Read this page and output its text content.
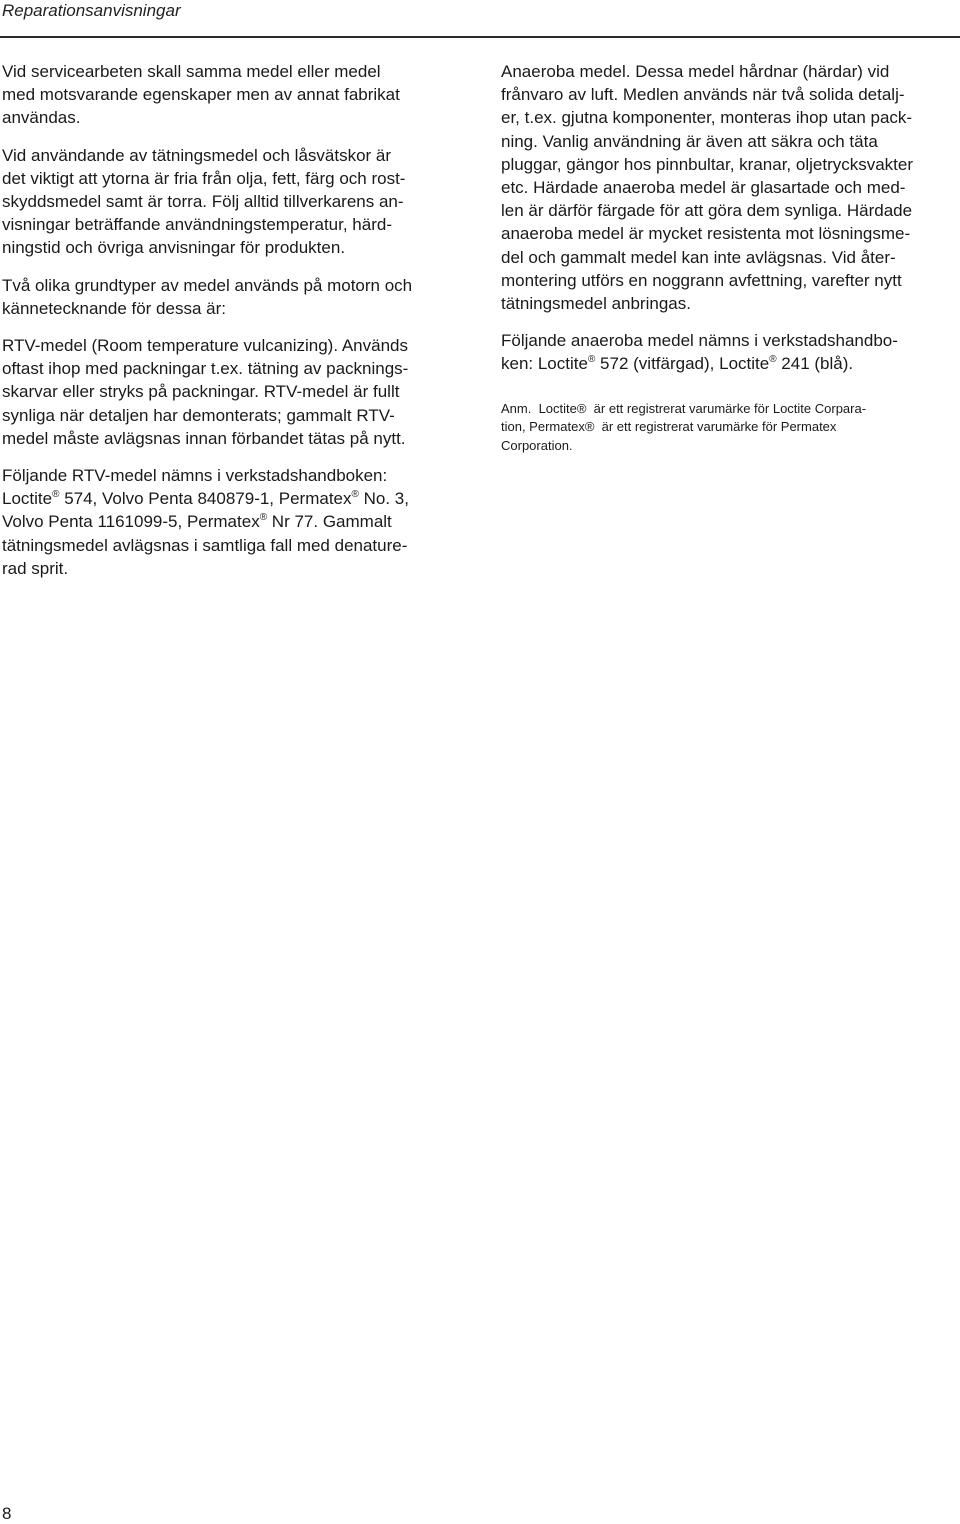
Reparationsanvisningar

Vid servicearbeten skall samma medel eller medel
med motsvarande egenskaper men av annat fabrikat
användas.

Vid användande av tätningsmedel och låsvätskor är
det viktigt att ytorna är fria från olja, fett, färg och rost-
skyddsmedel samt är torra. Följ alltid tillverkarens an-
visningar beträffande användningstemperatur, härd-
ningstid och övriga anvisningar för produkten.

Två olika grundtyper av medel används på motorn och
kännetecknande för dessa är:

RTV-medel (Room temperature vulcanizing). Används
oftast ihop med packningar t.ex. tätning av packnings-
skarvar eller stryks på packningar. RTV-medel är fullt
synliga när detaljen har demonterats; gammalt RTV-
medel måste avlägsnas innan förbandet tätas på nytt.

Följande RTV-medel nämns i verkstadshandboken:
Loctite® 574, Volvo Penta 840879-1, Permatex® No. 3,
Volvo Penta 1161099-5, Permatex® Nr 77. Gammalt
tätningsmedel avlägsnas i samtliga fall med denature-
rad sprit.

Anaeroba medel. Dessa medel hårdnar (härdar) vid
frånvaro av luft. Medlen används när två solida detalj-
er, t.ex. gjutna komponenter, monteras ihop utan pack-
ning. Vanlig användning är även att säkra och täta
pluggar, gängor hos pinnbultar, kranar, oljetrycksvakter
etc. Härdade anaeroba medel är glasartade och med-
len är därför färgade för att göra dem synliga. Härdade
anaeroba medel är mycket resistenta mot lösningsme-
del och gammalt medel kan inte avlägsnas. Vid åter-
montering utförs en noggrann avfettning, varefter nytt
tätningsmedel anbringas.

Följande anaeroba medel nämns i verkstadshandbo-
ken: Loctite® 572 (vitfärgad), Loctite® 241 (blå).

Anm.  Loctite®  är ett registrerat varumärke för Loctite Corpara-
tion, Permatex®  är ett registrerat varumärke för Permatex
Corporation.

8
